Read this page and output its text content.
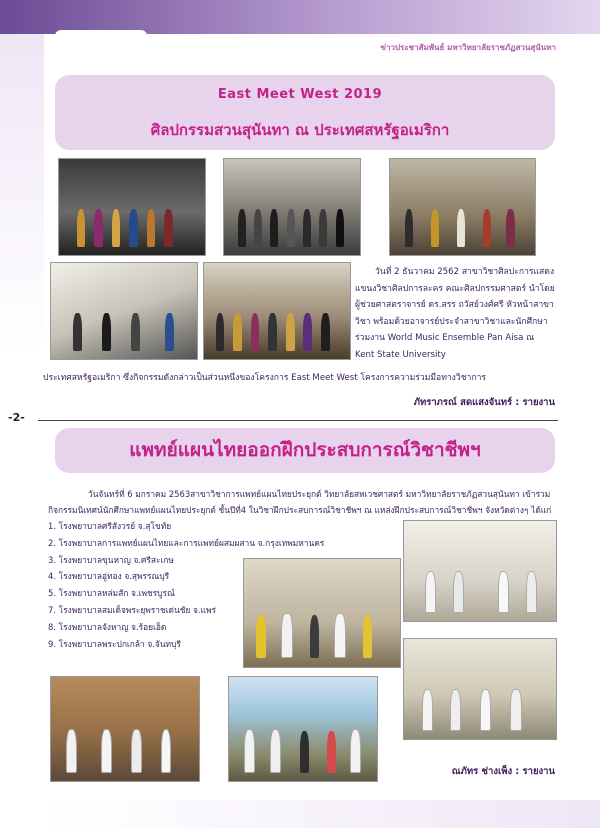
ข่าวประชาสัมพันธ์ มหาวิทยาลัยราชภัฏสวนสุนันทา
East Meet West 2019
ศิลปกรรมสวนสุนันทา ณ ประเทศสหรัฐอเมริกา
วันที่ 2 ธันวาคม 2562 สาขาวิชาศิลปะการแสดง แขนงวิชาศิลปการละคร คณะศิลปกรรมศาสตร์ นำโดย ผู้ช่วยศาสตราจารย์ ดร.สรร ถวัสย์วงศ์ศรี หัวหน้าสาขาวิชา พร้อมด้วยอาจารย์ประจำสาขาวิชาและนักศึกษา ร่วมงาน World Music Ensemble Pan Aisa ณ Kent State University
ประเทศสหรัฐอเมริกา ซึ่งกิจกรรมดังกล่าวเป็นส่วนหนึ่งของโครงการ East Meet West โครงการความร่วมมือทางวิชาการ
ภัทราภรณ์ สดแสงจันทร์ : รายงาน
-2-
แพทย์แผนไทยออกฝึกประสบการณ์วิชาชีพฯ
วันจันทร์ที่ 6 มกราคม 2563สาขาวิชาการแพทย์แผนไทยประยุกต์ วิทยาลัยสหเวชศาสตร์ มหาวิทยาลัยราชภัฏสวนสุนันทา เข้าร่วมกิจกรรมนิเทศน์นักศึกษาแพทย์แผนไทยประยุกต์ ชั้นปีที่4 ในวิชาฝึกประสบการณ์วิชาชีพฯ ณ แหล่งฝึกประสบการณ์วิชาชีพฯ จังหวัดต่างๆ ได้แก่
1. โรงพยาบาลศรีสังวรย์ จ.สุโขทัย
2. โรงพยาบาลการแพทย์แผนไทยและการแพทย์ผสมผสาน จ.กรุงเทพมหานคร
3. โรงพยาบาลขุนหาญ จ.ศรีสะเกษ
4. โรงพยาบาลอู่ทอง จ.สุพรรณบุรี
5. โรงพยาบาลหล่มสัก จ.เพชรบูรณ์
7. โรงพยาบาลสมเด็จพระยุพราชเด่นชัย จ.แพร่
8. โรงพยาบาลจังหาญ จ.ร้อยเอ็ด
9. โรงพยาบาลพระปกเกล้า จ.จันทบุรี
ณภัทร ช่างเพ็ง : รายงาน
